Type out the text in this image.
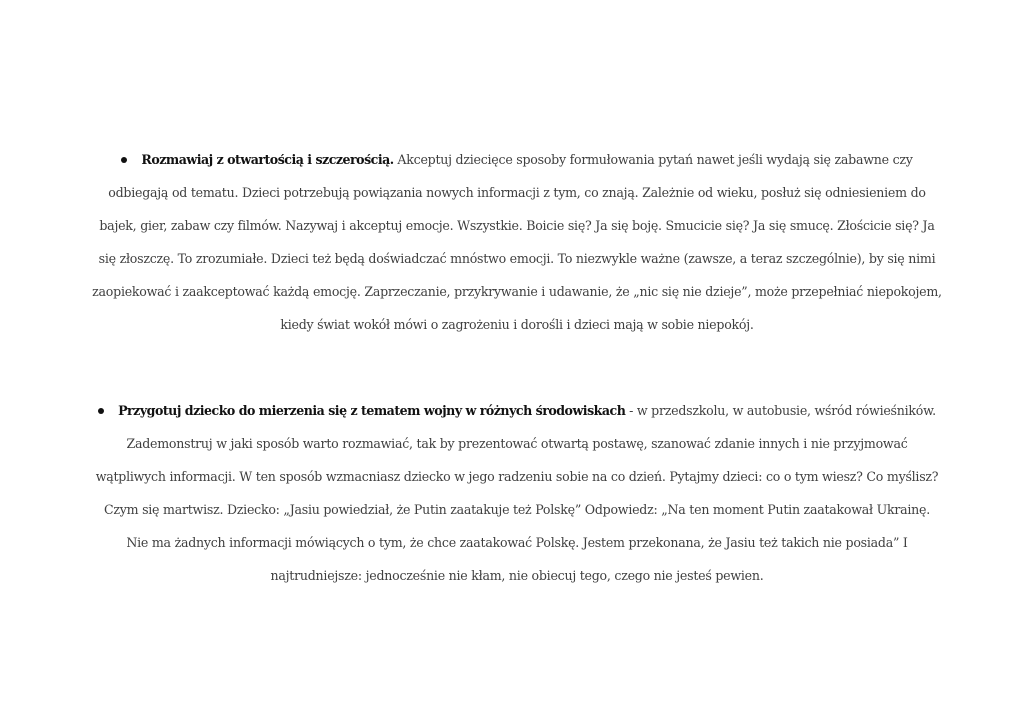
Rozmawiaj z otwartością i szczerością. Akceptuj dziecięce sposoby formułowania pytań nawet jeśli wydają się zabawne czy odbiegają od tematu. Dzieci potrzebują powiązania nowych informacji z tym, co znają. Zależnie od wieku, posłuż się odniesieniem do bajek, gier, zabaw czy filmów. Nazywaj i akceptuj emocje. Wszystkie. Boicie się? Ja się boję. Smucicie się? Ja się smucę. Złościcie się? Ja się złoszczę. To zrozumiałe. Dzieci też będą doświadczać mnóstwo emocji. To niezwykle ważne (zawsze, a teraz szczególnie), by się nimi zaopiekować i zaakceptować każdą emocję. Zaprzeczanie, przykrywanie i udawanie, że „nic się nie dzieje”, może przepełniać niepokojem, kiedy świat wokół mówi o zagrożeniu i dorośli i dzieci mają w sobie niepokój.
Przygotuj dziecko do mierzenia się z tematem wojny w różnych środowiskach - w przedszkolu, w autobusie, wśród rówieśników. Zademonstruj w jaki sposób warto rozmawiać, tak by prezentować otwartą postawę, szanować zdanie innych i nie przyjmować wątpliwych informacji. W ten sposób wzmacniasz dziecko w jego radzeniu sobie na co dzień. Pytajmy dzieci: co o tym wiesz? Co myślisz? Czym się martwisz. Dziecko: „Jasiu powiedział, że Putin zaatakuje też Polskę” Odpowiedz: „Na ten moment Putin zaatakował Ukrainę. Nie ma żadnych informacji mówiących o tym, że chce zaatakować Polskę. Jestem przekonana, że Jasiu też takich nie posiada” I najtrudniejsze: jednocześnie nie kłam, nie obiecuj tego, czego nie jesteś pewien.
